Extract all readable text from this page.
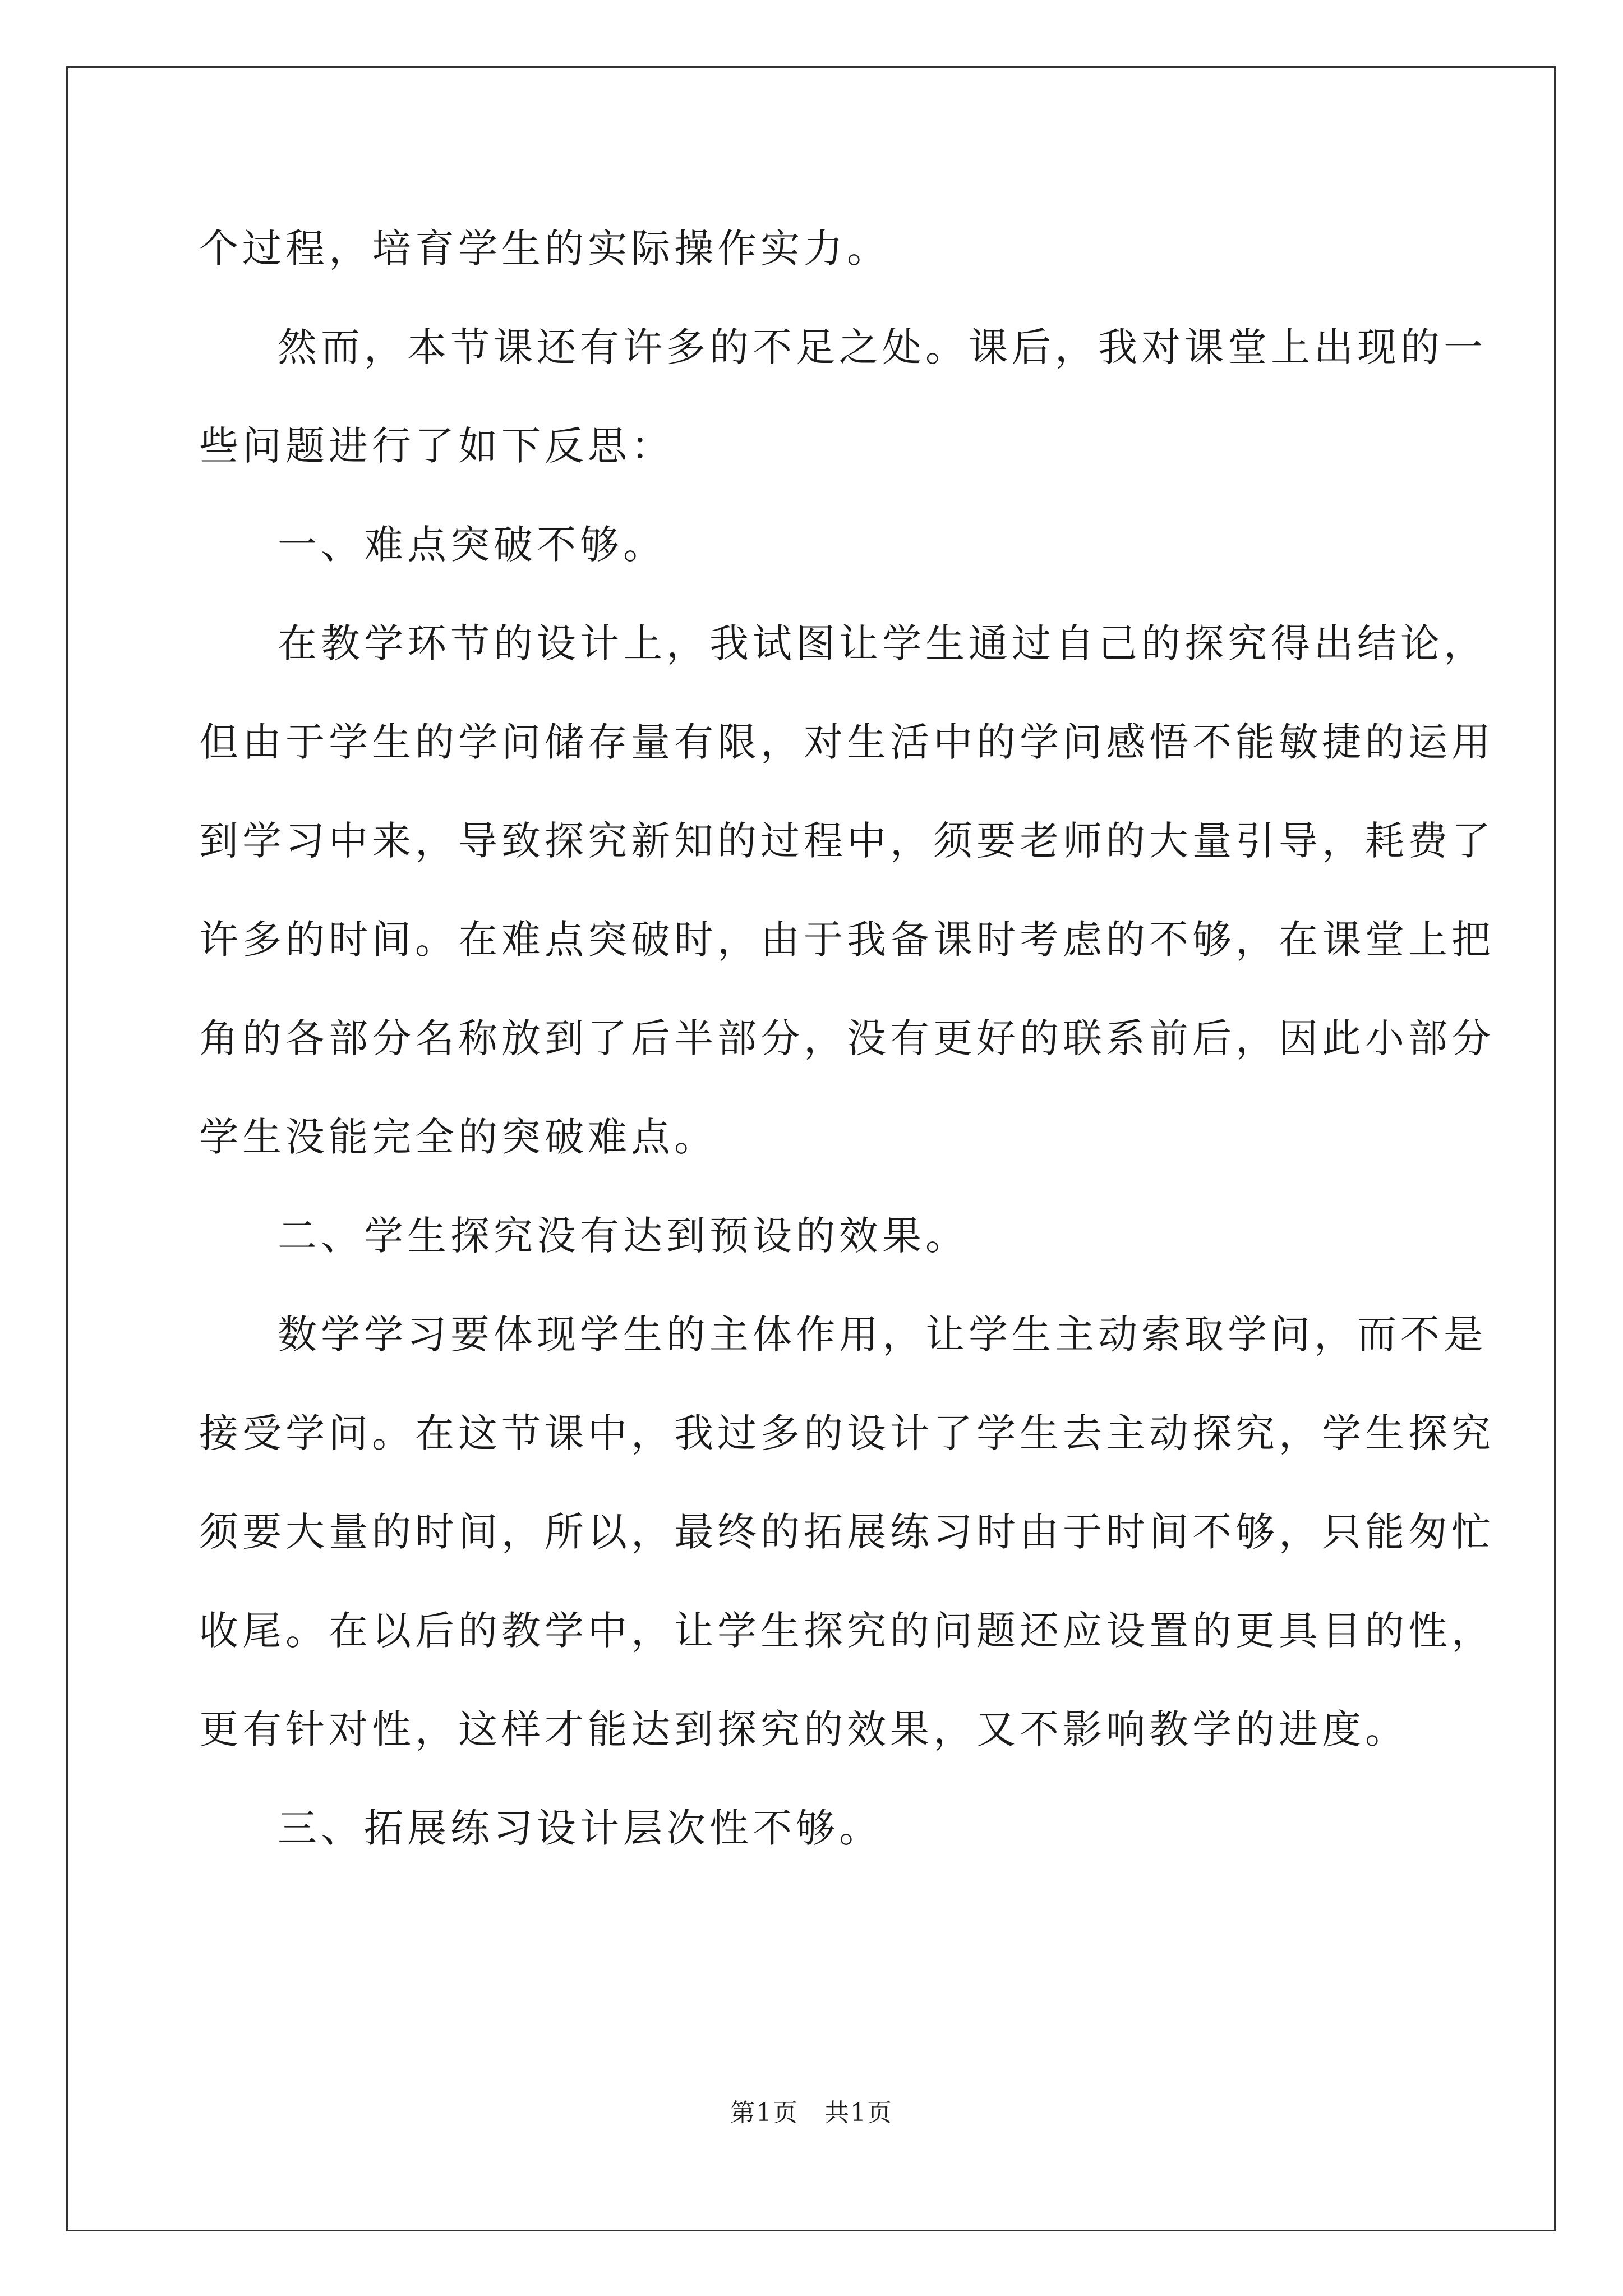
个过程，培育学生的实际操作实力。
然而，本节课还有许多的不足之处。课后，我对课堂上出现的一
些问题进行了如下反思：
一、难点突破不够。
在教学环节的设计上，我试图让学生通过自己的探究得出结论，
但由于学生的学问储存量有限，对生活中的学问感悟不能敏捷的运用
到学习中来，导致探究新知的过程中，须要老师的大量引导，耗费了
许多的时间。在难点突破时，由于我备课时考虑的不够，在课堂上把
角的各部分名称放到了后半部分，没有更好的联系前后，因此小部分
学生没能完全的突破难点。
二、学生探究没有达到预设的效果。
数学学习要体现学生的主体作用，让学生主动索取学问，而不是
接受学问。在这节课中，我过多的设计了学生去主动探究，学生探究
须要大量的时间，所以，最终的拓展练习时由于时间不够，只能匆忙
收尾。在以后的教学中，让学生探究的问题还应设置的更具目的性，
更有针对性，这样才能达到探究的效果，又不影响教学的进度。
三、拓展练习设计层次性不够。
第1页　共1页
